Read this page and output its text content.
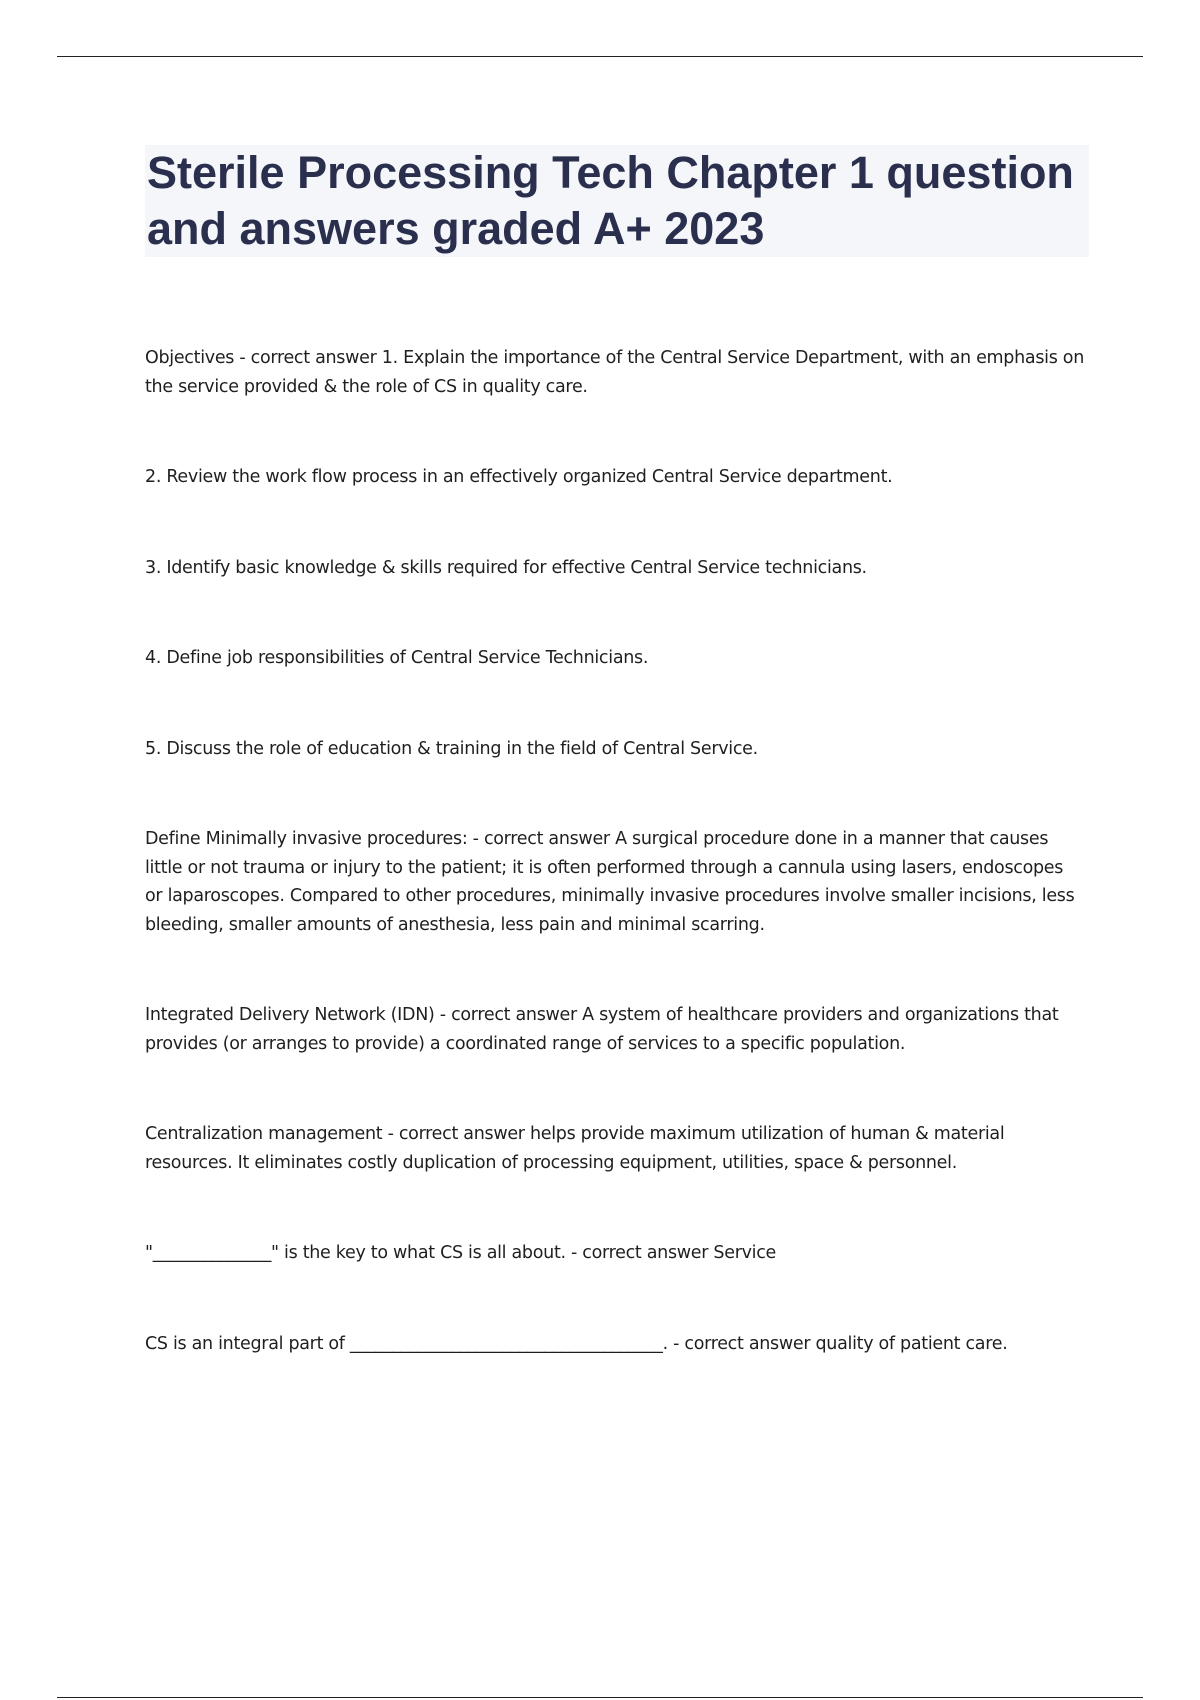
Sterile Processing Tech Chapter 1 question and answers graded A+ 2023

Objectives - correct answer 1. Explain the importance of the Central Service Department, with an emphasis on the service provided & the role of CS in quality care.

2. Review the work flow process in an effectively organized Central Service department.

3. Identify basic knowledge & skills required for effective Central Service technicians.

4. Define job responsibilities of Central Service Technicians.

5. Discuss the role of education & training in the field of Central Service.

Define Minimally invasive procedures: - correct answer A surgical procedure done in a manner that causes little or not trauma or injury to the patient; it is often performed through a cannula using lasers, endoscopes or laparoscopes. Compared to other procedures, minimally invasive procedures involve smaller incisions, less bleeding, smaller amounts of anesthesia, less pain and minimal scarring.

Integrated Delivery Network (IDN) - correct answer A system of healthcare providers and organizations that provides (or arranges to provide) a coordinated range of services to a specific population.

Centralization management - correct answer helps provide maximum utilization of human & material resources. It eliminates costly duplication of processing equipment, utilities, space & personnel.

"______________" is the key to what CS is all about. - correct answer Service

CS is an integral part of _____________________________________. - correct answer quality of patient care.
